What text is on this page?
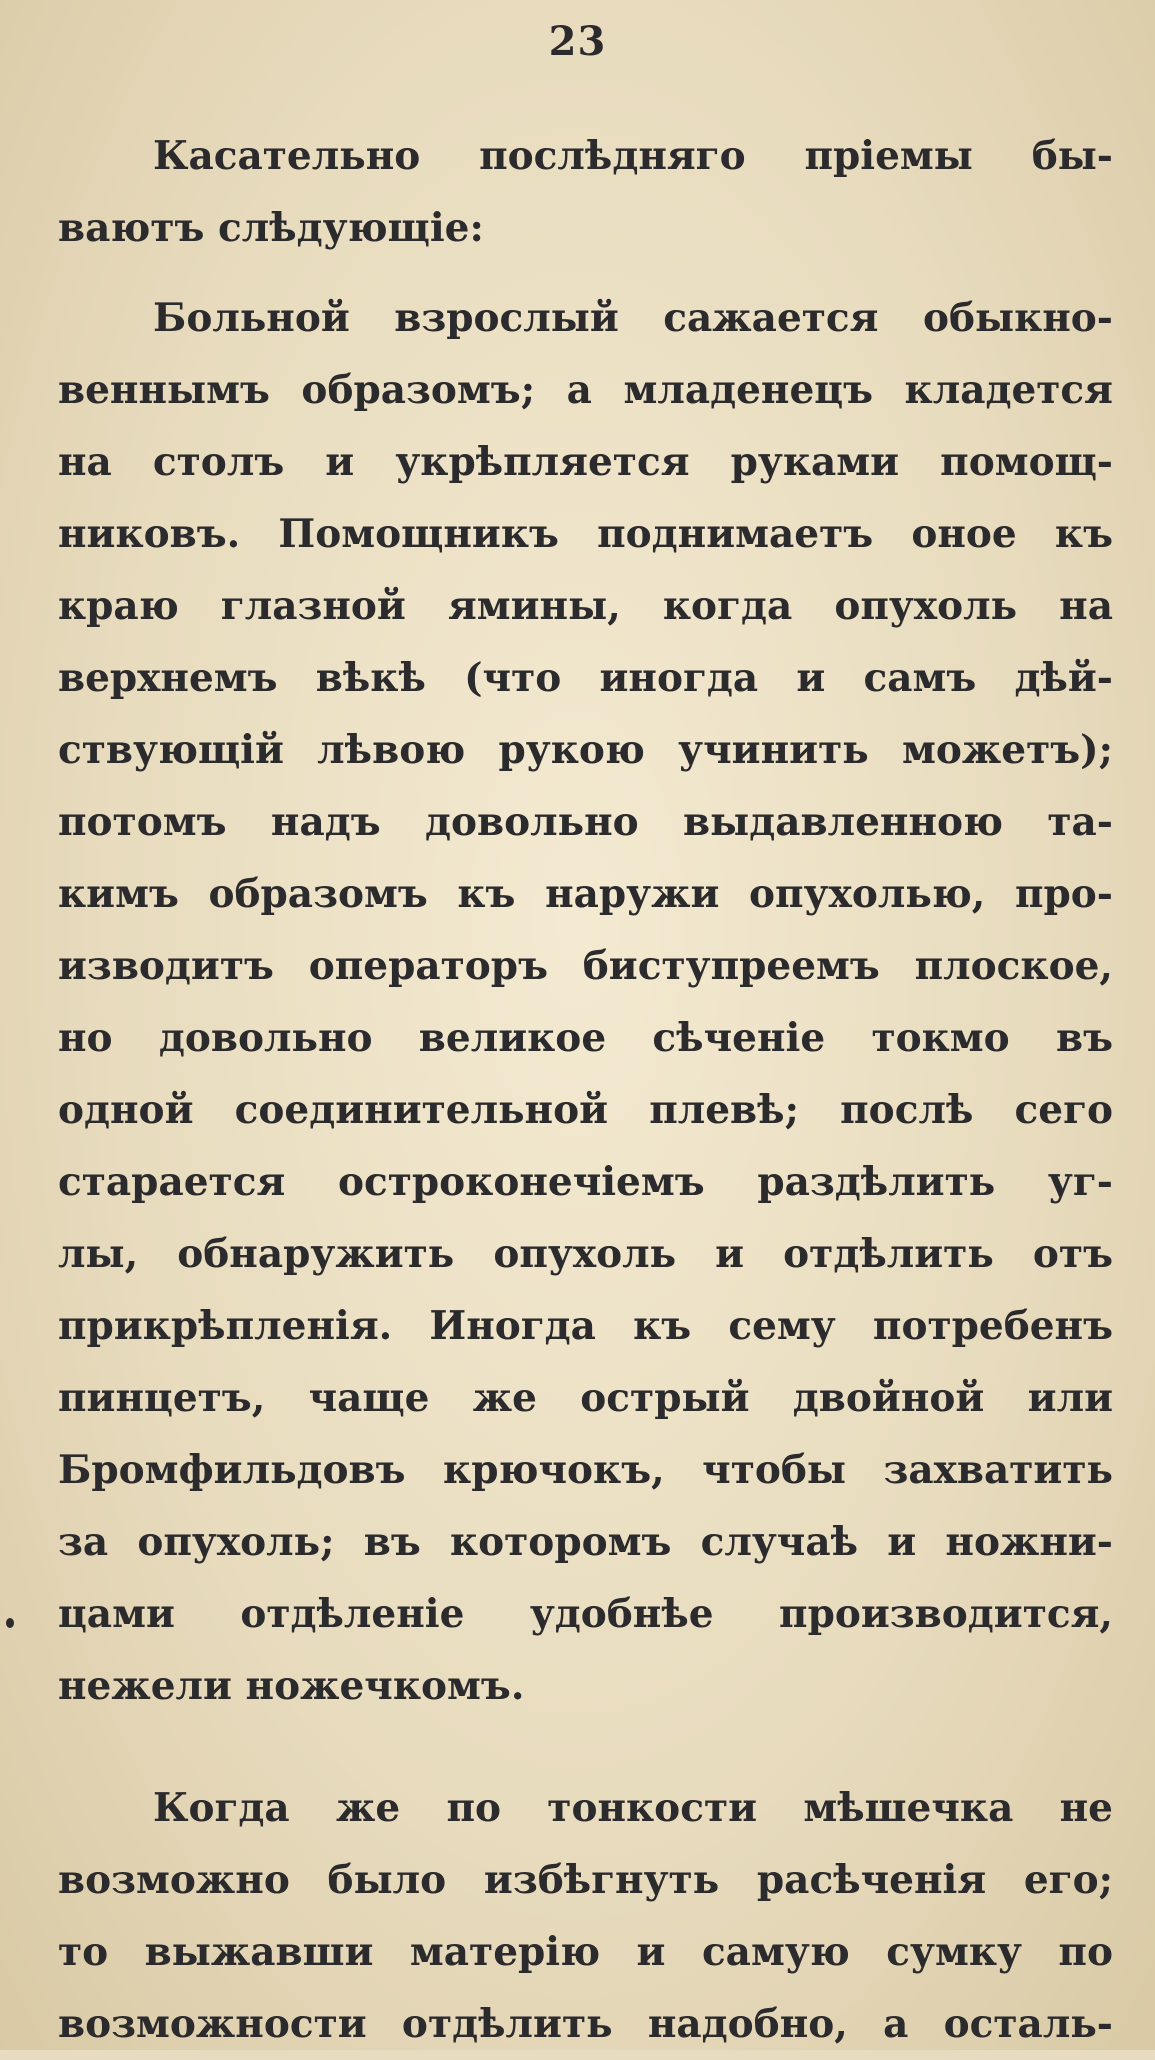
23
Касательно послѣдняго пріемы бы-
ваютъ слѣдующіе:
Больной взрослый сажается обыкно-
веннымъ образомъ; а младенецъ кладется
на столъ и укрѣпляется руками помощ-
никовъ. Помощникъ поднимаетъ оное къ
краю глазной ямины, когда опухоль на
верхнемъ вѣкѣ (что иногда и самъ дѣй-
ствующій лѣвою рукою учинить можетъ);
потомъ надъ довольно выдавленною та-
кимъ образомъ къ наружи опухолью, про-
изводитъ операторъ биступреемъ плоское,
но довольно великое сѣченіе токмо въ
одной соединительной плевѣ; послѣ сего
старается остроконечіемъ раздѣлить уг-
лы, обнаружить опухоль и отдѣлить отъ
прикрѣпленія. Иногда къ сему потребенъ
пинцетъ, чаще же острый двойной или
Бромфильдовъ крючокъ, чтобы захватить
за опухоль; въ которомъ случаѣ и ножни-
цами отдѣленіе удобнѣе производится,
нежели ножечкомъ.
Когда же по тонкости мѣшечка не
возможно было избѣгнуть расѣченія его;
то выжавши матерію и самую сумку по
возможности отдѣлить надобно, а осталь-
